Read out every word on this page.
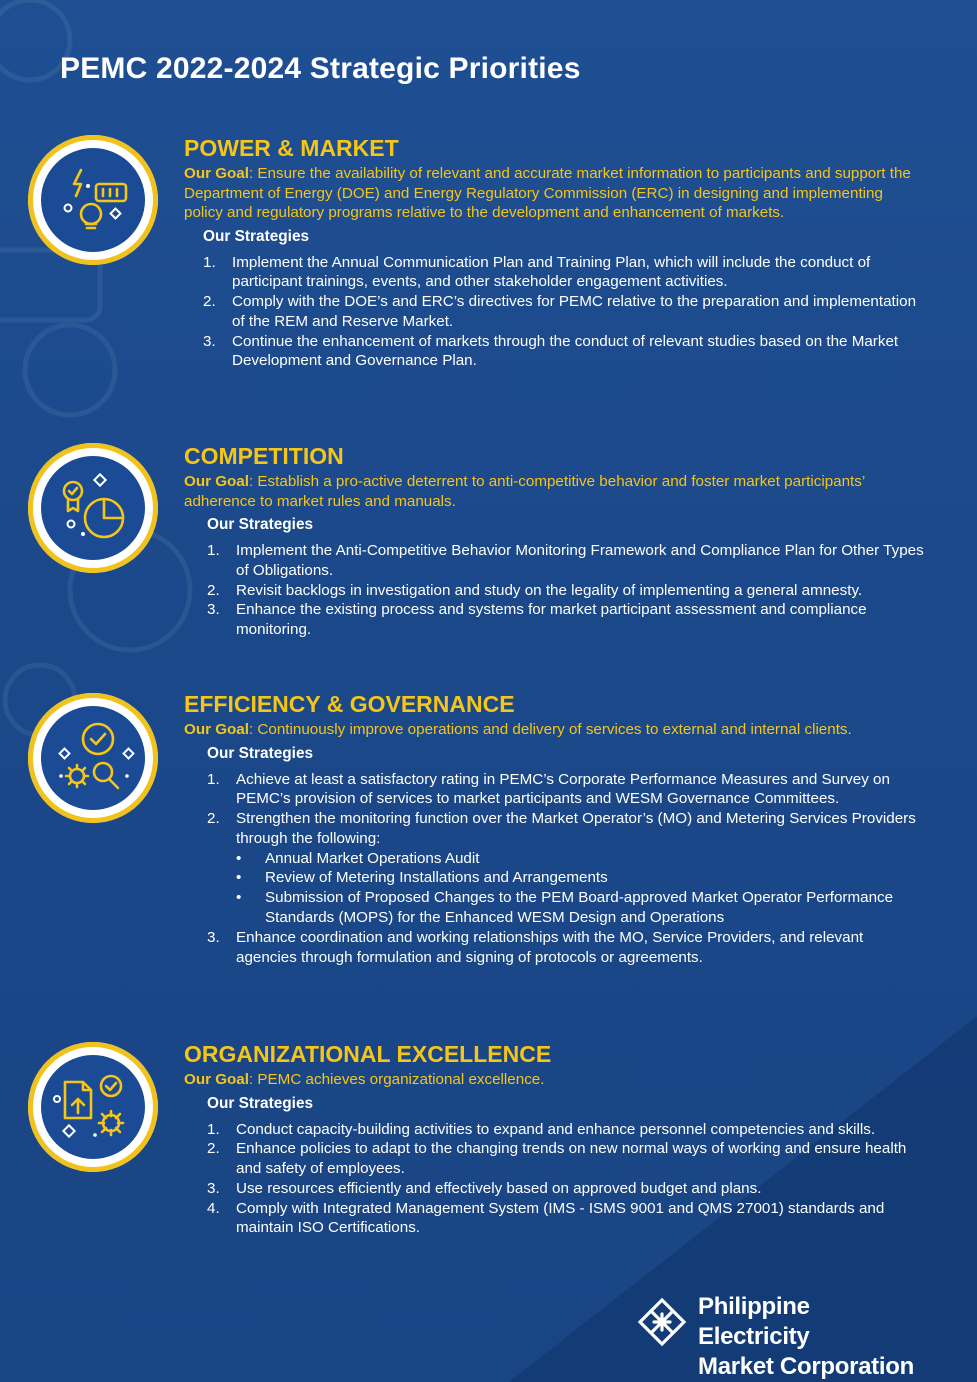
PEMC 2022-2024 Strategic Priorities
POWER & MARKET
Our Goal: Ensure the availability of relevant and accurate market information to participants and support the Department of Energy (DOE) and Energy Regulatory Commission (ERC) in designing and implementing policy and regulatory programs relative to the development and enhancement of markets.
Our Strategies
1. Implement the Annual Communication Plan and Training Plan, which will include the conduct of participant trainings, events, and other stakeholder engagement activities.
2. Comply with the DOE’s and ERC’s directives for PEMC relative to the preparation and implementation of the REM and Reserve Market.
3. Continue the enhancement of markets through the conduct of relevant studies based on the Market Development and Governance Plan.
COMPETITION
Our Goal: Establish a pro-active deterrent to anti-competitive behavior and foster market participants’ adherence to market rules and manuals.
Our Strategies
1. Implement the Anti-Competitive Behavior Monitoring Framework and Compliance Plan for Other Types of Obligations.
2. Revisit backlogs in investigation and study on the legality of implementing a general amnesty.
3. Enhance the existing process and systems for market participant assessment and compliance monitoring.
EFFICIENCY & GOVERNANCE
Our Goal: Continuously improve operations and delivery of services to external and internal clients.
Our Strategies
1. Achieve at least a satisfactory rating in PEMC’s Corporate Performance Measures and Survey on PEMC’s provision of services to market participants and WESM Governance Committees.
2. Strengthen the monitoring function over the Market Operator’s (MO) and Metering Services Providers through the following:
• Annual Market Operations Audit
• Review of Metering Installations and Arrangements
• Submission of Proposed Changes to the PEM Board-approved Market Operator Performance Standards (MOPS) for the Enhanced WESM Design and Operations
3. Enhance coordination and working relationships with the MO, Service Providers, and relevant agencies through formulation and signing of protocols or agreements.
ORGANIZATIONAL EXCELLENCE
Our Goal: PEMC achieves organizational excellence.
Our Strategies
1. Conduct capacity-building activities to expand and enhance personnel competencies and skills.
2. Enhance policies to adapt to the changing trends on new normal ways of working and ensure health and safety of employees.
3. Use resources efficiently and effectively based on approved budget and plans.
4. Comply with Integrated Management System (IMS - ISMS 9001 and QMS 27001) standards and maintain ISO Certifications.
Philippine Electricity
Market Corporation
